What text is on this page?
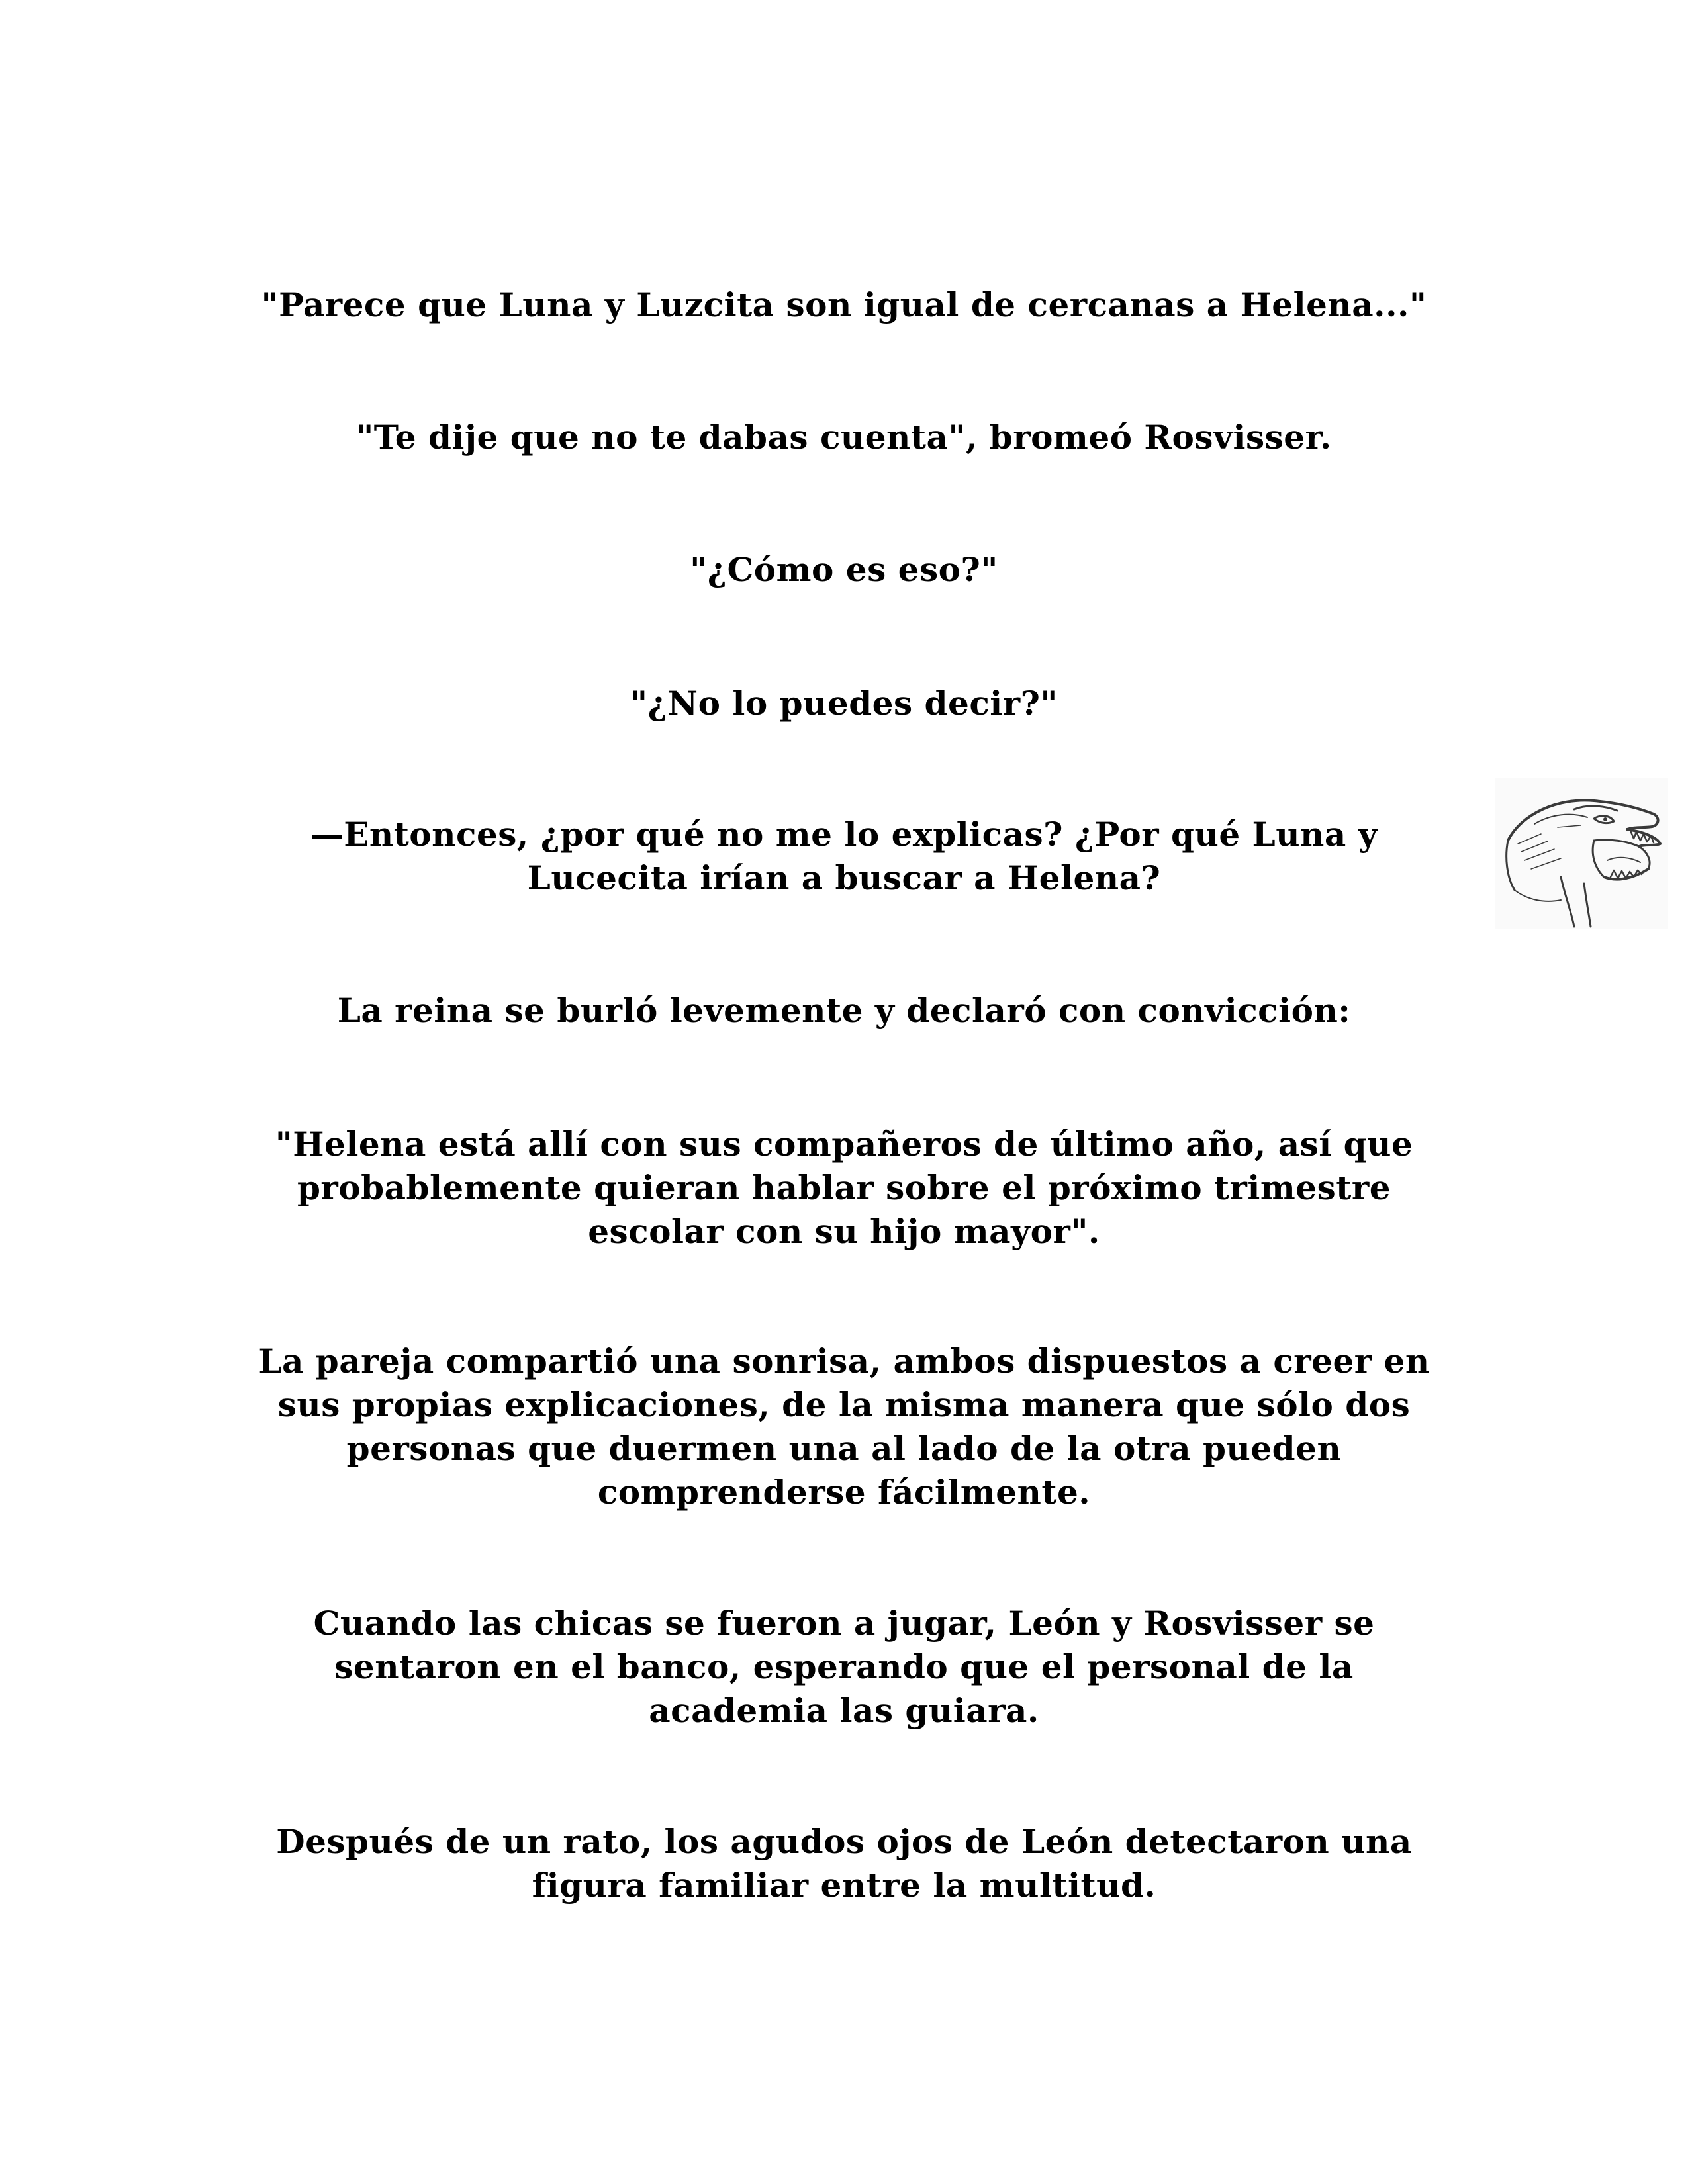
"Parece que Luna y Luzcita son igual de cercanas a Helena..."

"Te dije que no te dabas cuenta", bromeó Rosvisser.

"¿Cómo es eso?"

"¿No lo puedes decir?"

—Entonces, ¿por qué no me lo explicas? ¿Por qué Luna y
Lucecita irían a buscar a Helena?

La reina se burló levemente y declaró con convicción:

"Helena está allí con sus compañeros de último año, así que
probablemente quieran hablar sobre el próximo trimestre
escolar con su hijo mayor".

La pareja compartió una sonrisa, ambos dispuestos a creer en
sus propias explicaciones, de la misma manera que sólo dos
personas que duermen una al lado de la otra pueden
comprenderse fácilmente.

Cuando las chicas se fueron a jugar, León y Rosvisser se
sentaron en el banco, esperando que el personal de la
academia las guiara.

Después de un rato, los agudos ojos de León detectaron una
figura familiar entre la multitud.
